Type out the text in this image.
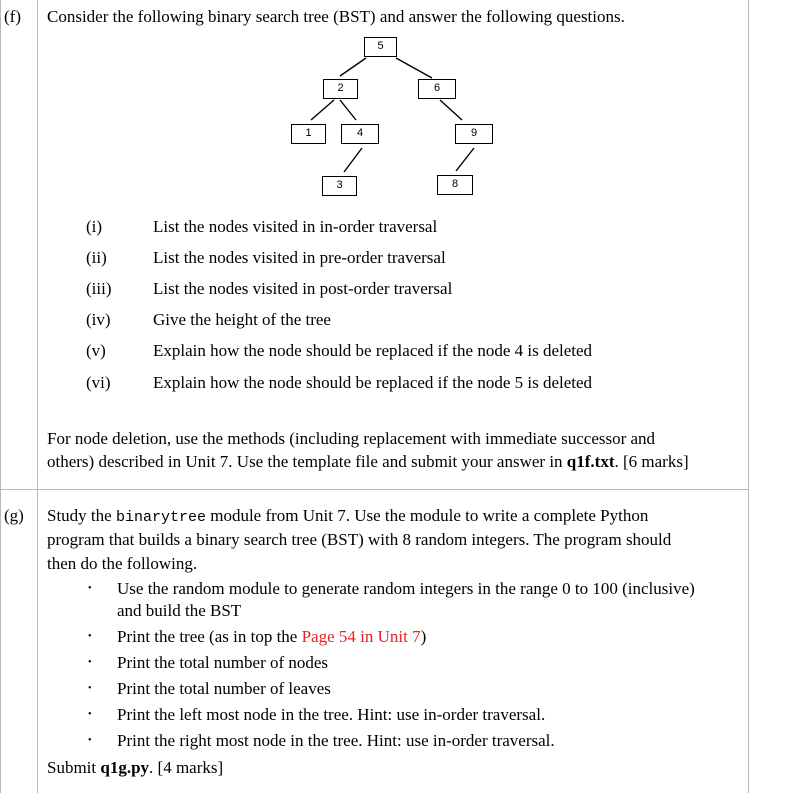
(f) Consider the following binary search tree (BST) and answer the following questions.
5
2	6
1	4	9
3	8
(i)	List the nodes visited in in-order traversal
(ii)	List the nodes visited in pre-order traversal
(iii) List the nodes visited in post-order traversal
(iv) Give the height of the tree
(v)	Explain how the node should be replaced if the node 4 is deleted
(vi) Explain how the node should be replaced if the node 5 is deleted
For node deletion, use the methods (including replacement with immediate successor and
others) described in Unit 7. Use the template file and submit your answer in q1f.txt. [6 marks]
(g) Study the binarytree module from Unit 7. Use the module to write a complete Python
program that builds a binary search tree (BST) with 8 random integers. The program should
then do the following.
• Use the random module to generate random integers in the range 0 to 100 (inclusive)
and build the BST
• Print the tree (as in top the Page 54 in Unit 7)
• Print the total number of nodes
• Print the total number of leaves
• Print the left most node in the tree. Hint: use in-order traversal.
• Print the right most node in the tree. Hint: use in-order traversal.
Submit q1g.py. [4 marks]
